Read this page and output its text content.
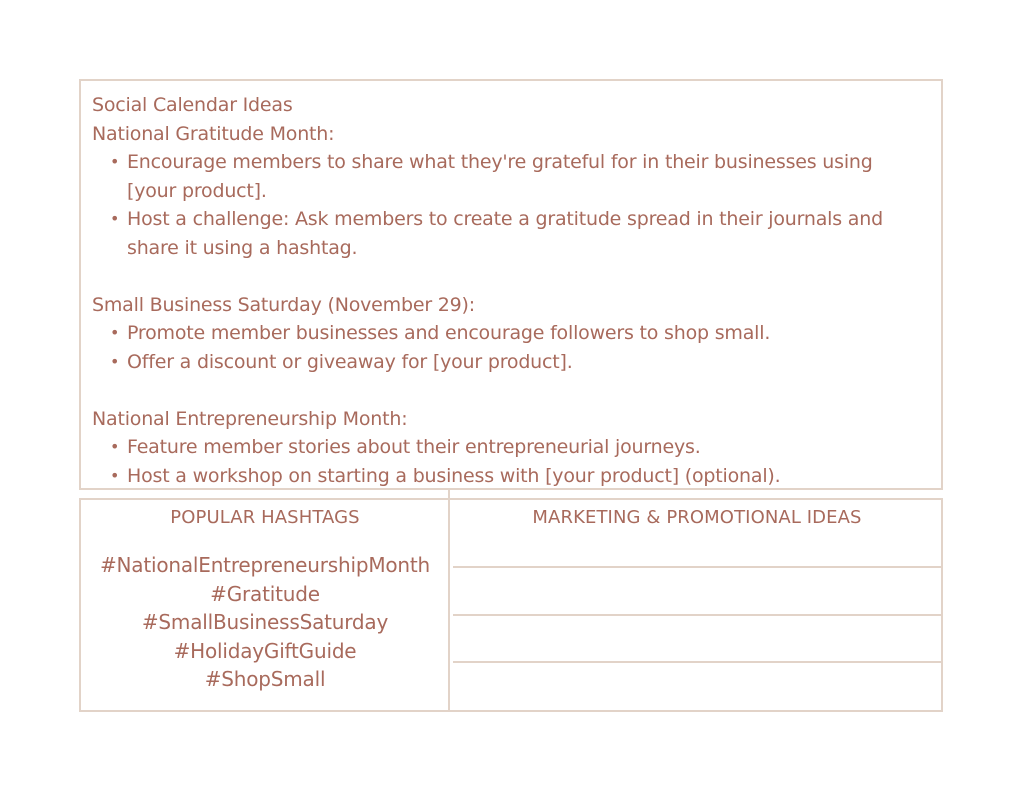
Social Calendar Ideas
National Gratitude Month:
• Encourage members to share what they're grateful for in their businesses using
[your product].
• Host a challenge: Ask members to create a gratitude spread in their journals and
share it using a hashtag.
Small Business Saturday (November 29):
• Promote member businesses and encourage followers to shop small.
• Offer a discount or giveaway for [your product].
National Entrepreneurship Month:
• Feature member stories about their entrepreneurial journeys.
• Host a workshop on starting a business with [your product] (optional).
POPULAR HASHTAGS
#NationalEntrepreneurshipMonth
#Gratitude
#SmallBusinessSaturday
#HolidayGiftGuide
#ShopSmall
MARKETING & PROMOTIONAL IDEAS
